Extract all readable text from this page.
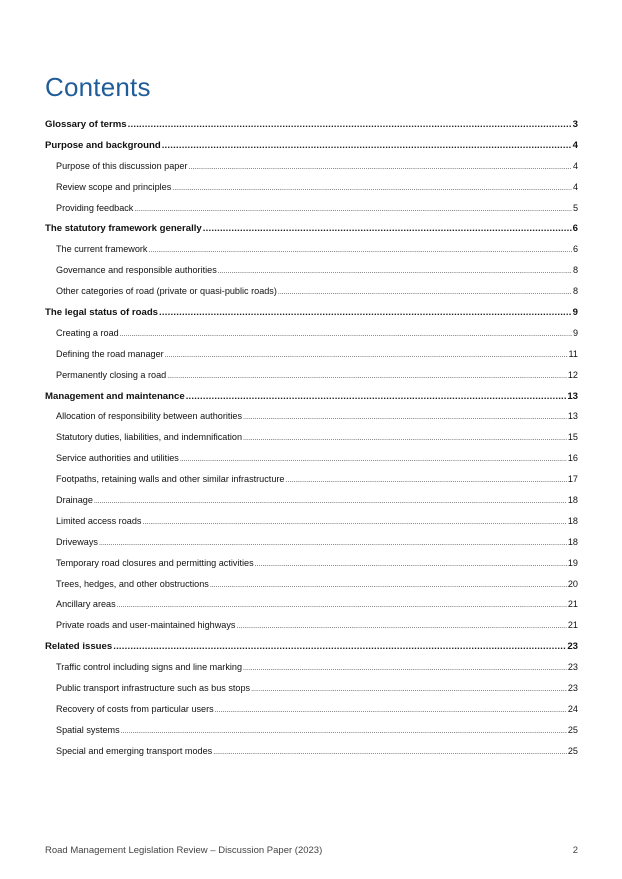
Contents
Glossary of terms .....	3
Purpose and background .....	4
Purpose of this discussion paper .....	4
Review scope and principles .....	4
Providing feedback .....	5
The statutory framework generally .....	6
The current framework .....	6
Governance and responsible authorities .....	8
Other categories of road (private or quasi-public roads) .....	8
The legal status of roads .....	9
Creating a road .....	9
Defining the road manager .....	11
Permanently closing a road .....	12
Management and maintenance .....	13
Allocation of responsibility between authorities .....	13
Statutory duties, liabilities, and indemnification .....	15
Service authorities and utilities .....	16
Footpaths, retaining walls and other similar infrastructure .....	17
Drainage .....	18
Limited access roads .....	18
Driveways .....	18
Temporary road closures and permitting activities .....	19
Trees, hedges, and other obstructions .....	20
Ancillary areas .....	21
Private roads and user-maintained highways .....	21
Related issues .....	23
Traffic control including signs and line marking .....	23
Public transport infrastructure such as bus stops .....	23
Recovery of costs from particular users .....	24
Spatial systems .....	25
Special and emerging transport modes .....	25
Road Management Legislation Review – Discussion Paper (2023)	2
